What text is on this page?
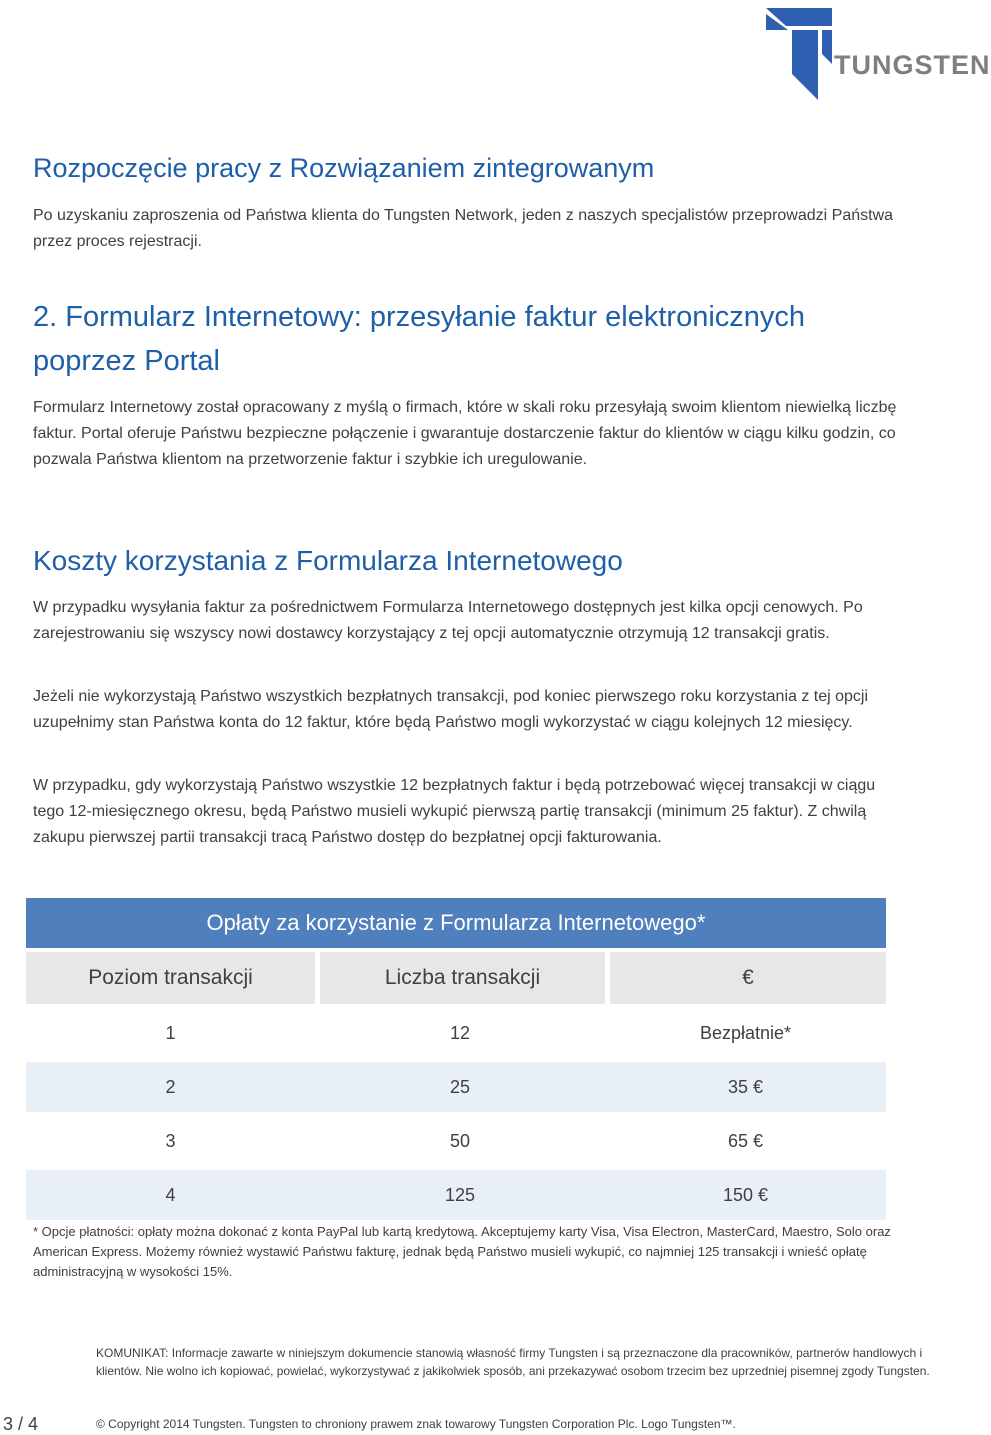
TUNGSTEN
Rozpoczęcie pracy z Rozwiązaniem zintegrowanym
Po uzyskaniu zaproszenia od Państwa klienta do Tungsten Network, jeden z naszych specjalistów przeprowadzi Państwa przez proces rejestracji.
2. Formularz Internetowy: przesyłanie faktur elektronicznych
poprzez Portal
Formularz Internetowy został opracowany z myślą o firmach, które w skali roku przesyłają swoim klientom niewielką liczbę faktur. Portal oferuje Państwu bezpieczne połączenie i gwarantuje dostarczenie faktur do klientów w ciągu kilku godzin, co pozwala Państwa klientom na przetworzenie faktur i szybkie ich uregulowanie.
Koszty korzystania z Formularza Internetowego
W przypadku wysyłania faktur za pośrednictwem Formularza Internetowego dostępnych jest kilka opcji cenowych. Po zarejestrowaniu się wszyscy nowi dostawcy korzystający z tej opcji automatycznie otrzymują 12 transakcji gratis.
Jeżeli nie wykorzystają Państwo wszystkich bezpłatnych transakcji, pod koniec pierwszego roku korzystania z tej opcji uzupełnimy stan Państwa konta do 12 faktur, które będą Państwo mogli wykorzystać w ciągu kolejnych 12 miesięcy.
W przypadku, gdy wykorzystają Państwo wszystkie 12 bezpłatnych faktur i będą potrzebować więcej transakcji w ciągu tego 12-miesięcznego okresu, będą Państwo musieli wykupić pierwszą partię transakcji (minimum 25 faktur). Z chwilą zakupu pierwszej partii transakcji tracą Państwo dostęp do bezpłatnej opcji fakturowania.
Opłaty za korzystanie z Formularza Internetowego*		
Poziom transakcji	Liczba transakcji	€
1	12	Bezpłatnie*
2	25	35 €
3	50	65 €
4	125	150 €
* Opcje płatności: opłaty można dokonać z konta PayPal lub kartą kredytową. Akceptujemy karty Visa, Visa Electron, MasterCard, Maestro, Solo oraz American Express. Możemy również wystawić Państwu fakturę, jednak będą Państwo musieli wykupić, co najmniej 125 transakcji i wnieść opłatę administracyjną w wysokości 15%.
KOMUNIKAT: Informacje zawarte w niniejszym dokumencie stanowią własność firmy Tungsten i są przeznaczone dla pracowników, partnerów handlowych i klientów. Nie wolno ich kopiować, powielać, wykorzystywać z jakikolwiek sposób, ani przekazywać osobom trzecim bez uprzedniej pisemnej zgody Tungsten.
3 / 4	© Copyright 2014 Tungsten. Tungsten to chroniony prawem znak towarowy Tungsten Corporation Plc. Logo Tungsten™.
